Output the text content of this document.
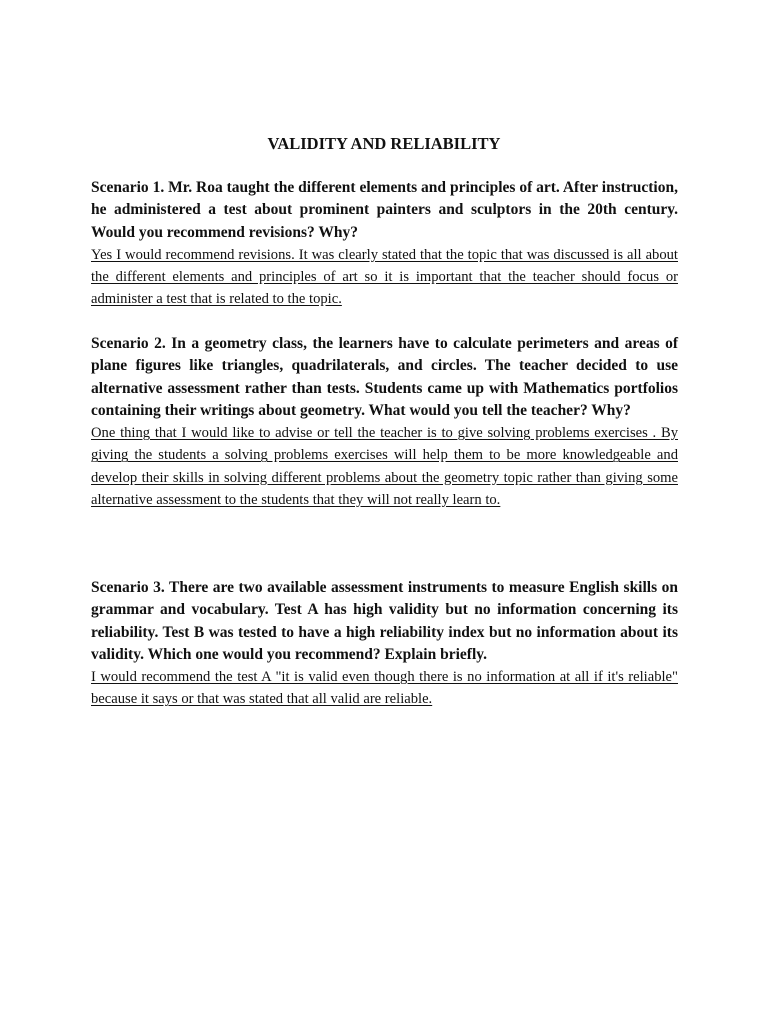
VALIDITY AND RELIABILITY

Scenario 1. Mr. Roa taught the different elements and principles of art. After instruction, he administered a test about prominent painters and sculptors in the 20th century. Would you recommend revisions? Why?

Yes I would recommend revisions. It was clearly stated that the topic that was discussed is all about the different elements and principles of art so it is important that the teacher should focus or administer a test that is related to the topic.

Scenario 2. In a geometry class, the learners have to calculate perimeters and areas of plane figures like triangles, quadrilaterals, and circles. The teacher decided to use alternative assessment rather than tests. Students came up with Mathematics portfolios containing their writings about geometry. What would you tell the teacher? Why?

One thing that I would like to advise or tell the teacher is to give solving problems exercises . By giving the students a solving problems exercises will help them to be more knowledgeable and develop their skills in solving different problems about the geometry topic rather than giving some alternative assessment to the students that they will not really learn to.

Scenario 3. There are two available assessment instruments to measure English skills on grammar and vocabulary. Test A has high validity but no information concerning its reliability. Test B was tested to have a high reliability index but no information about its validity. Which one would you recommend? Explain briefly.

I would recommend the test A "it is valid even though there is no information at all if it's reliable" because it says or that was stated that all valid are reliable.
